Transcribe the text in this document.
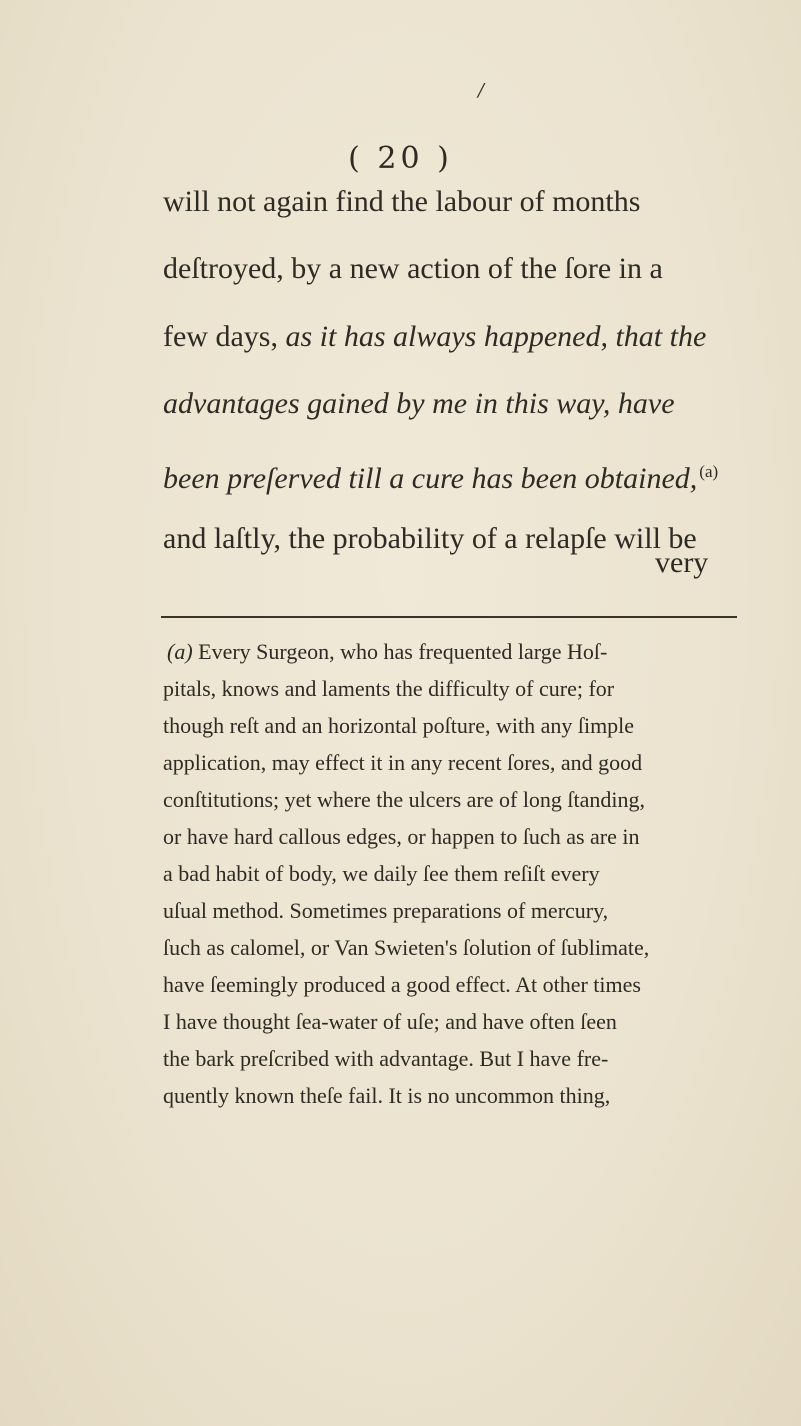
/
( 20 )
will not again find the labour of months
deſtroyed, by a new action of the ſore in a
few days, as it has always happened, that the
advantages gained by me in this way, have
been preſerved till a cure has been obtained, $^{(a)}$
and laſtly, the probability of a relapſe will be
very
(a) Every Surgeon, who has frequented large Hoſ-
pitals, knows and laments the difficulty of cure; for
though reſt and an horizontal poſture, with any ſimple
application, may effect it in any recent ſores, and good
conſtitutions; yet where the ulcers are of long ſtanding,
or have hard callous edges, or happen to ſuch as are in
a bad habit of body, we daily ſee them reſiſt every
uſual method. Sometimes preparations of mercury,
ſuch as calomel, or Van Swieten's ſolution of ſublimate,
have ſeemingly produced a good effect. At other times
I have thought ſea-water of uſe; and have often ſeen
the bark preſcribed with advantage. But I have fre-
quently known theſe fail. It is no uncommon thing,
